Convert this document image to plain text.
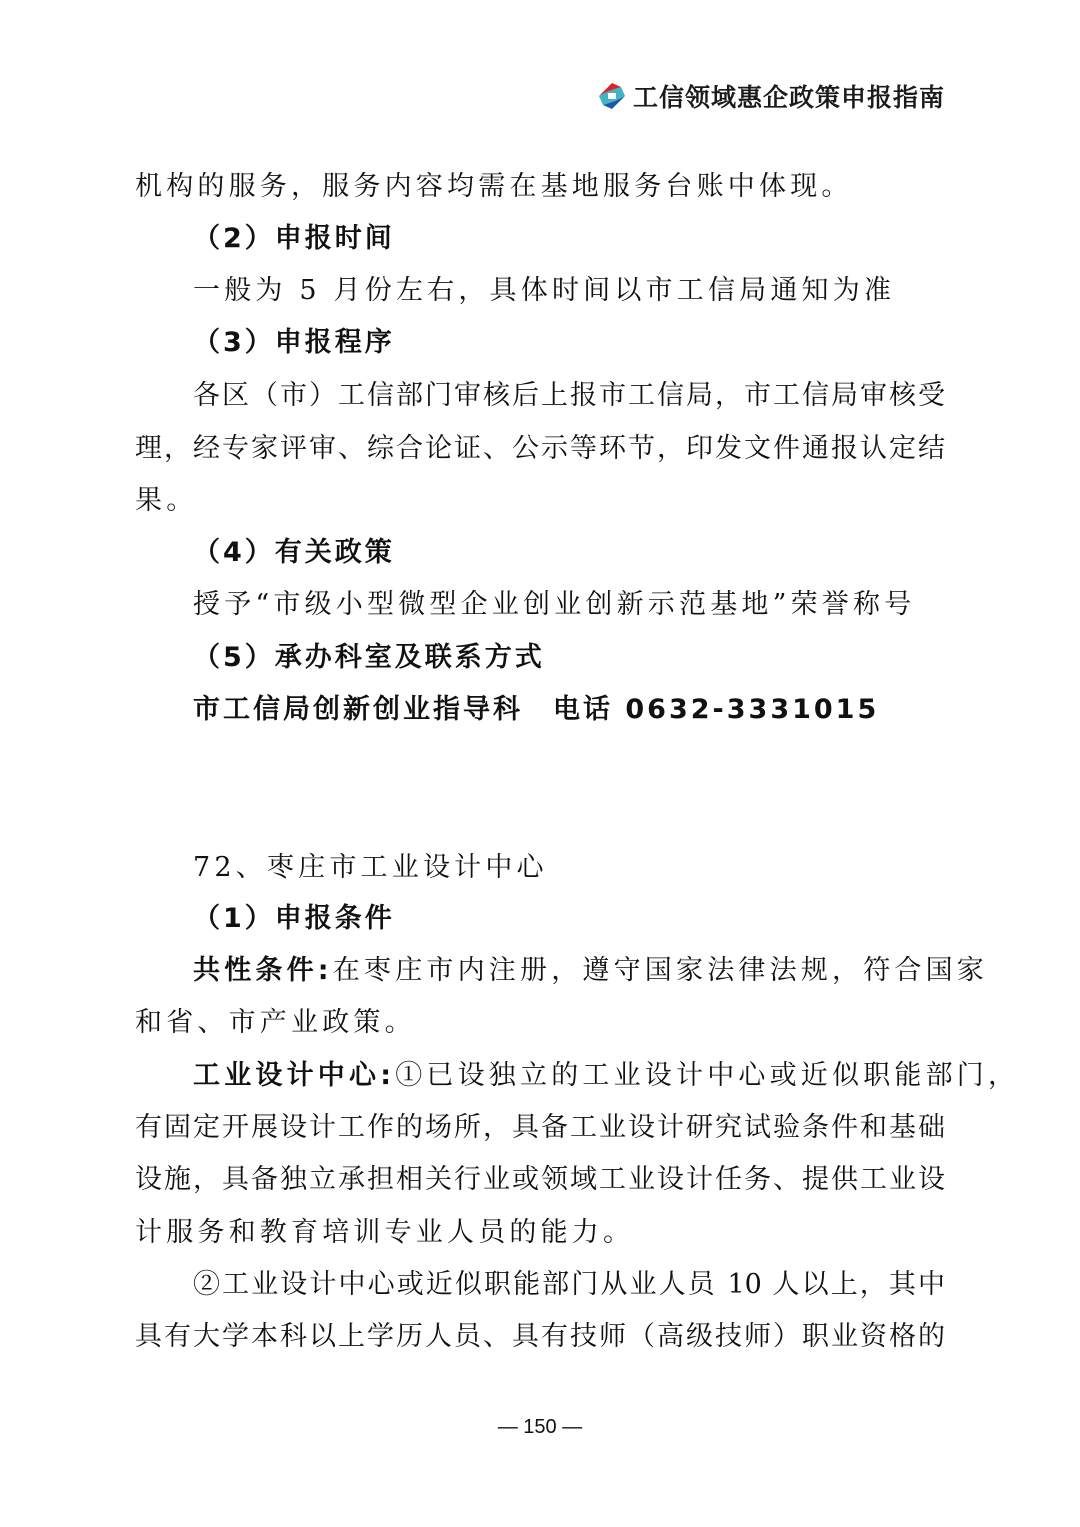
工信领域惠企政策申报指南
机构的服务，服务内容均需在基地服务台账中体现。
（2）申报时间
一般为 5 月份左右，具体时间以市工信局通知为准
（3）申报程序
各区（市）工信部门审核后上报市工信局，市工信局审核受
理，经专家评审、综合论证、公示等环节，印发文件通报认定结
果。
（4）有关政策
授予“市级小型微型企业创业创新示范基地”荣誉称号
（5）承办科室及联系方式
市工信局创新创业指导科　电话 0632-3331015
72、枣庄市工业设计中心
（1）申报条件
共性条件:在枣庄市内注册，遵守国家法律法规，符合国家
和省、市产业政策。
工业设计中心:①已设独立的工业设计中心或近似职能部门，
有固定开展设计工作的场所，具备工业设计研究试验条件和基础
设施，具备独立承担相关行业或领域工业设计任务、提供工业设
计服务和教育培训专业人员的能力。
②工业设计中心或近似职能部门从业人员 10 人以上，其中
具有大学本科以上学历人员、具有技师（高级技师）职业资格的
— 150 —
